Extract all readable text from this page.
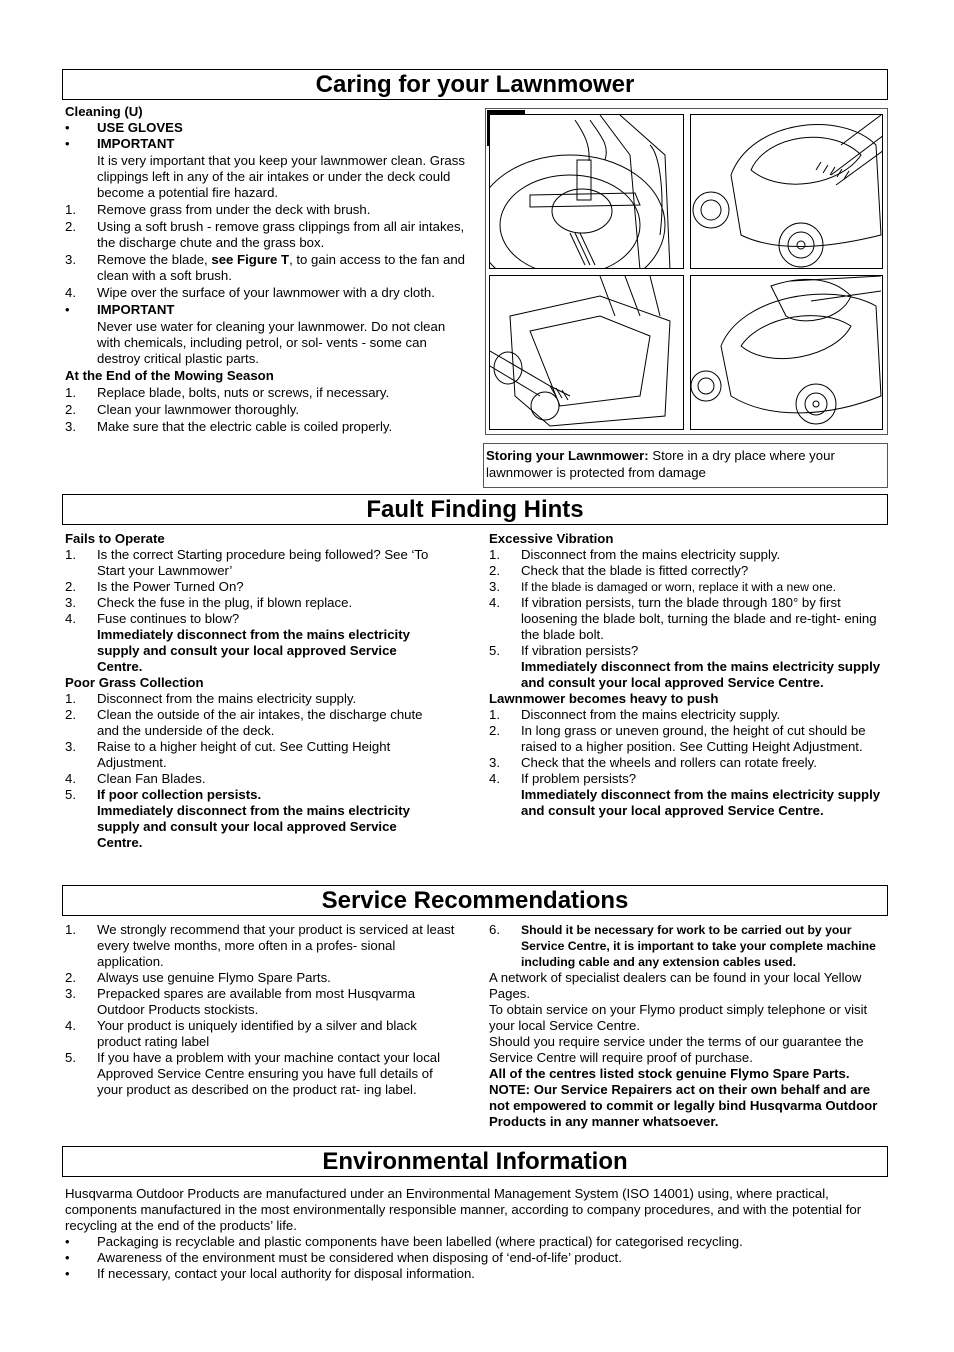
Caring for your Lawnmower

Cleaning (U)

• USE GLOVES
• IMPORTANT
It is very important that you keep your lawnmower clean. Grass clippings left in any of the air intakes or under the deck could become a potential fire hazard.
1. Remove grass from under the deck with brush.
2. Using a soft brush - remove grass clippings from all air intakes, the discharge chute and the grass box.
3. Remove the blade, see Figure T, to gain access to the fan and clean with a soft brush.
4. Wipe over the surface of your lawnmower with a dry cloth.
• IMPORTANT
Never use water for cleaning your lawnmower. Do not clean with chemicals, including petrol, or sol- vents - some can destroy critical plastic parts.

At the End of the Mowing Season

1. Replace blade, bolts, nuts or screws, if necessary.
2. Clean your lawnmower thoroughly.
3. Make sure that the electric cable is coiled properly.
Storing your Lawnmower: Store in a dry place where your lawnmower is protected from damage
Fault Finding Hints

Fails to Operate

1. Is the correct Starting procedure being followed? See ‘To Start your Lawnmower’
2. Is the Power Turned On?
3. Check the fuse in the plug, if blown replace.
4. Fuse continues to blow?
Immediately disconnect from the mains electricity supply and consult your local approved Service Centre.

Poor Grass Collection

1. Disconnect from the mains electricity supply.
2. Clean the outside of the air intakes, the discharge chute and the underside of the deck.
3. Raise to a higher height of cut. See Cutting Height Adjustment.
4. Clean Fan Blades.
5. If poor collection persists.
Immediately disconnect from the mains electricity supply and consult your local approved Service Centre.

Excessive Vibration

1. Disconnect from the mains electricity supply.
2. Check that the blade is fitted correctly?
3. If the blade is damaged or worn, replace it with a new one.
4. If vibration persists, turn the blade through 180° by first loosening the blade bolt, turning the blade and re-tight- ening the blade bolt.
5. If vibration persists?
Immediately disconnect from the mains electricity supply and consult your local approved Service Centre.

Lawnmower becomes heavy to push

1. Disconnect from the mains electricity supply.
2. In long grass or uneven ground, the height of cut should be raised to a higher position. See Cutting Height Adjustment.
3. Check that the wheels and rollers can rotate freely.
4. If problem persists?
Immediately disconnect from the mains electricity supply and consult your local approved Service Centre.
Service Recommendations
1. We strongly recommend that your product is serviced at least every twelve months, more often in a profes- sional application.
2. Always use genuine Flymo Spare Parts.
3. Prepacked spares are available from most Husqvarma Outdoor Products stockists.
4. Your product is uniquely identified by a silver and black product rating label
5. If you have a problem with your machine contact your local Approved Service Centre ensuring you have full details of your product as described on the product rat- ing label.
6. Should it be necessary for work to be carried out by your Service Centre, it is important to take your complete machine including cable and any extension cables used.

A network of specialist dealers can be found in your local Yellow Pages.

To obtain service on your Flymo product simply telephone or visit your local Service Centre.

Should you require service under the terms of our guarantee the Service Centre will require proof of purchase.

All of the centres listed stock genuine Flymo Spare Parts.

NOTE: Our Service Repairers act on their own behalf and are not empowered to commit or legally bind Husqvarma Outdoor Products in any manner whatsoever.

Environmental Information

Husqvarma Outdoor Products are manufactured under an Environmental Management System (ISO 14001) using, where practical, components manufactured in the most environmentally responsible manner, according to company procedures, and with the potential for recycling at the end of the products’ life.

• Packaging is recyclable and plastic components have been labelled (where practical) for categorised recycling.
• Awareness of the environment must be considered when disposing of ‘end-of-life’ product.
• If necessary, contact your local authority for disposal information.
